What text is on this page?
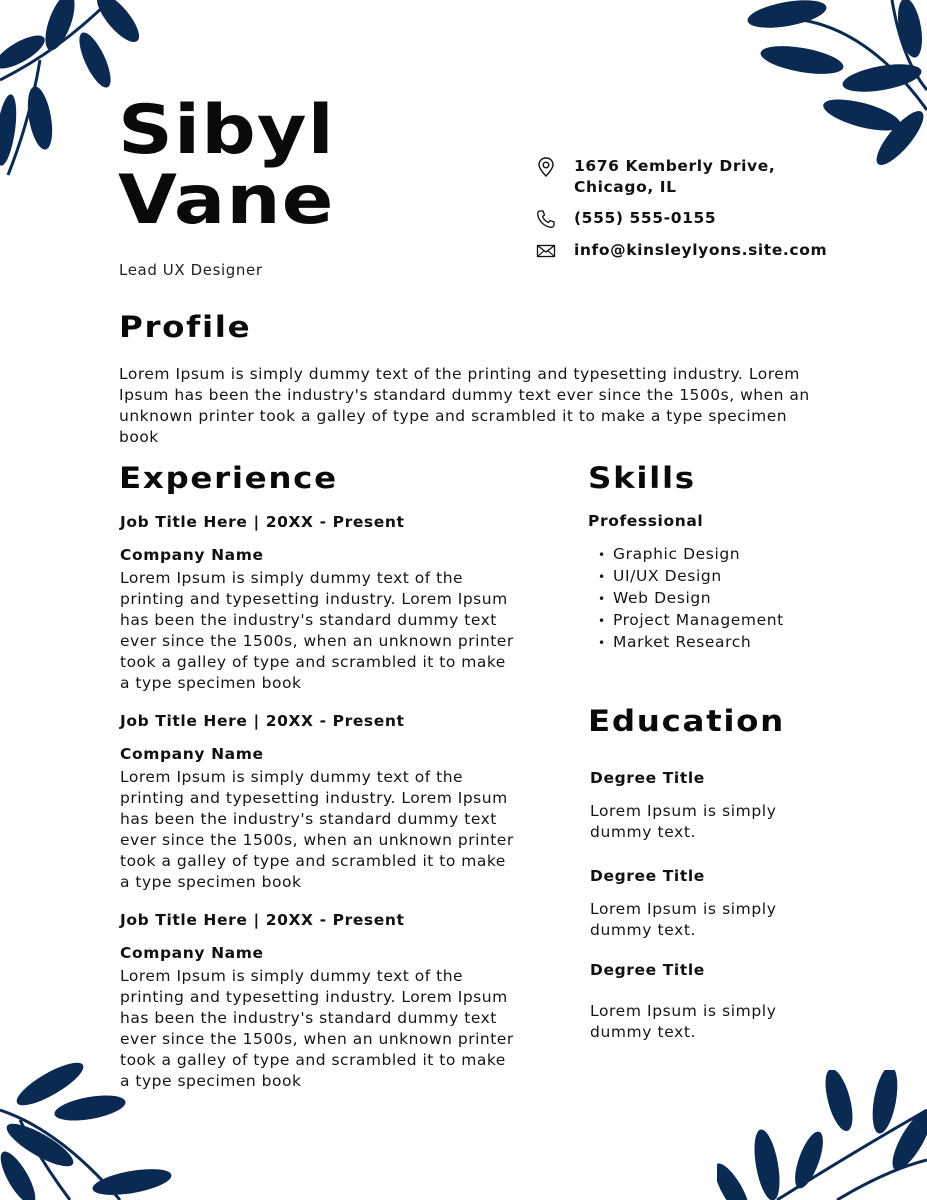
Sibyl
Vane
Lead UX Designer
1676 Kemberly Drive,
Chicago, IL
(555) 555-0155
info@kinsleylyons.site.com
Profile

Lorem Ipsum is simply dummy text of the printing and typesetting industry. Lorem Ipsum has been the industry's standard dummy text ever since the 1500s, when an unknown printer took a galley of type and scrambled it to make a type specimen book

Experience
Job Title Here | 20XX - Present
Company Name

Lorem Ipsum is simply dummy text of the printing and typesetting industry. Lorem Ipsum has been the industry's standard dummy text ever since the 1500s, when an unknown printer took a galley of type and scrambled it to make a type specimen book

Job Title Here | 20XX - Present
Company Name

Lorem Ipsum is simply dummy text of the printing and typesetting industry. Lorem Ipsum has been the industry's standard dummy text ever since the 1500s, when an unknown printer took a galley of type and scrambled it to make a type specimen book

Job Title Here | 20XX - Present
Company Name

Lorem Ipsum is simply dummy text of the printing and typesetting industry. Lorem Ipsum has been the industry's standard dummy text ever since the 1500s, when an unknown printer took a galley of type and scrambled it to make a type specimen book

Skills
Professional
• Graphic Design
• UI/UX Design
• Web Design
• Project Management
• Market Research
Education
Degree Title
Lorem Ipsum is simply dummy text.
Degree Title
Lorem Ipsum is simply dummy text.
Degree Title
Lorem Ipsum is simply dummy text.
